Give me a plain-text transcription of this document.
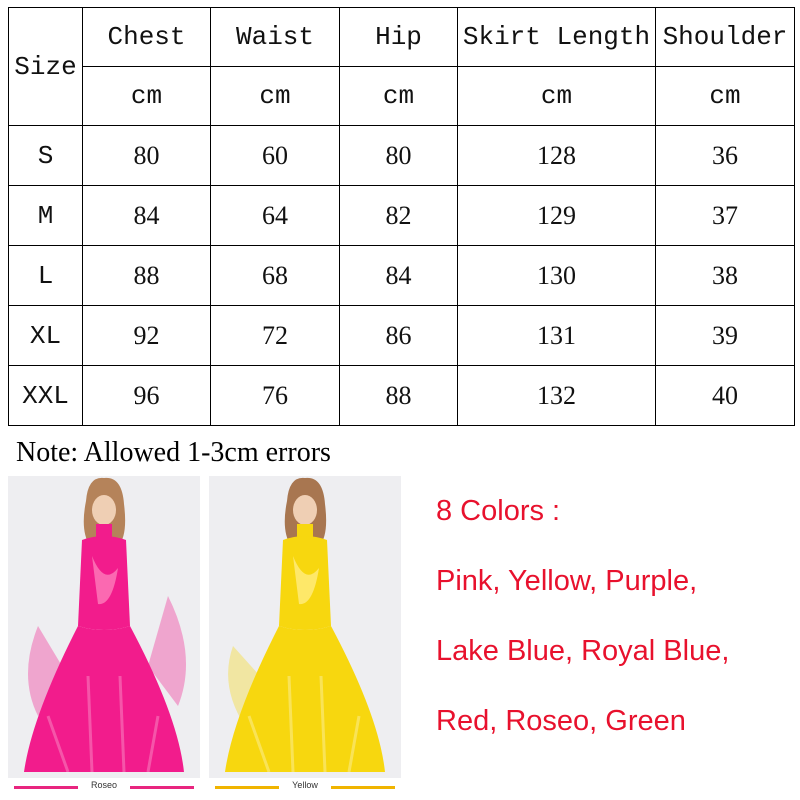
Size	Chest	Waist	Hip	Skirt Length	Shoulder
	cm	cm	cm	cm	cm
S	80	60	80	128	36
M	84	64	82	129	37
L	88	68	84	130	38
XL	92	72	86	131	39
XXL	96	76	88	132	40
Note: Allowed 1-3cm errors
Roseo	Yellow
8 Colors :
Pink, Yellow, Purple,
Lake Blue, Royal Blue,
Red, Roseo, Green
